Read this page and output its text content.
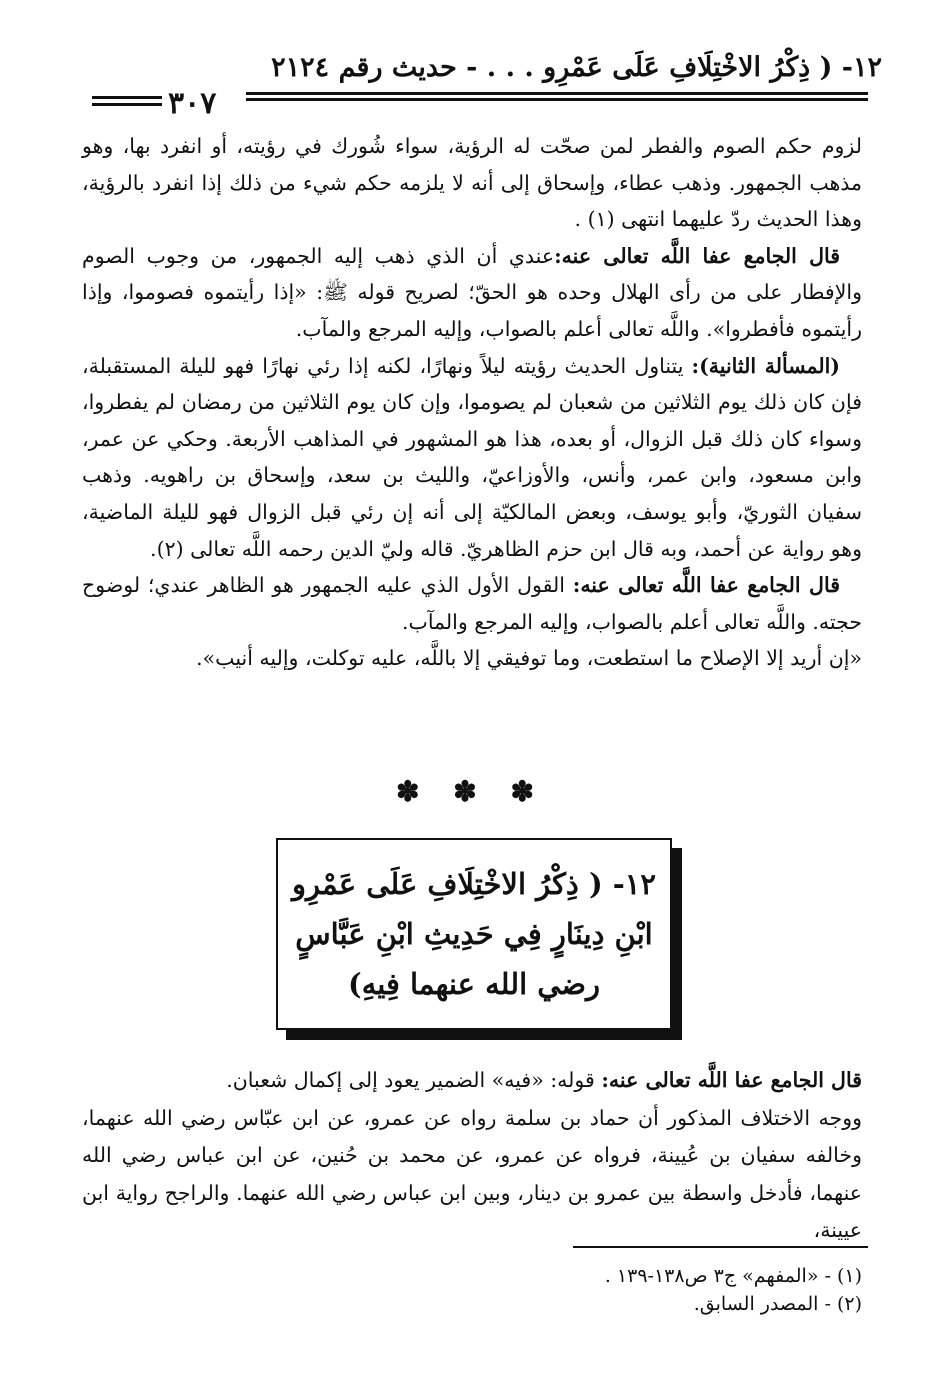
١٢- ( ذِكْرُ الاخْتِلَافِ عَلَى عَمْرِو . . . - حديث رقم ٢١٢٤
٣٠٧

لزوم حكم الصوم والفطر لمن صحّت له الرؤية، سواء شُورك في رؤيته، أو انفرد بها، وهو مذهب الجمهور. وذهب عطاء، وإسحاق إلى أنه لا يلزمه حكم شيء من ذلك إذا انفرد بالرؤية، وهذا الحديث ردّ عليهما انتهى (١) .

قال الجامع عفا اللَّه تعالى عنه:عندي أن الذي ذهب إليه الجمهور، من وجوب الصوم والإفطار على من رأى الهلال وحده هو الحقّ؛ لصريح قوله ﷺ: «إذا رأيتموه فصوموا، وإذا رأيتموه فأفطروا». واللَّه تعالى أعلم بالصواب، وإليه المرجع والمآب.

(المسألة الثانية): يتناول الحديث رؤيته ليلاً ونهارًا، لكنه إذا رئي نهارًا فهو لليلة المستقبلة، فإن كان ذلك يوم الثلاثين من شعبان لم يصوموا، وإن كان يوم الثلاثين من رمضان لم يفطروا، وسواء كان ذلك قبل الزوال، أو بعده، هذا هو المشهور في المذاهب الأربعة. وحكي عن عمر، وابن مسعود، وابن عمر، وأنس، والأوزاعيّ، والليث بن سعد، وإسحاق بن راهويه. وذهب سفيان الثوريّ، وأبو يوسف، وبعض المالكيّة إلى أنه إن رئي قبل الزوال فهو لليلة الماضية، وهو رواية عن أحمد، وبه قال ابن حزم الظاهريّ. قاله وليّ الدين رحمه اللَّه تعالى (٢).

قال الجامع عفا اللَّه تعالى عنه: القول الأول الذي عليه الجمهور هو الظاهر عندي؛ لوضوح حجته. واللَّه تعالى أعلم بالصواب، وإليه المرجع والمآب.

«إن أريد إلا الإصلاح ما استطعت، وما توفيقي إلا باللَّه، عليه توكلت، وإليه أنيب».

✽ ✽ ✽
١٢- ( ذِكْرُ الاخْتِلَافِ عَلَى عَمْرِو
ابْنِ دِينَارٍ فِي حَدِيثِ ابْنِ عَبَّاسٍ
رضي الله عنهما فِيهِ)

قال الجامع عفا اللَّه تعالى عنه: قوله: «فيه» الضمير يعود إلى إكمال شعبان.

ووجه الاختلاف المذكور أن حماد بن سلمة رواه عن عمرو، عن ابن عبّاس رضي الله عنهما، وخالفه سفيان بن عُيينة، فرواه عن عمرو، عن محمد بن حُنين، عن ابن عباس رضي الله عنهما، فأدخل واسطة بين عمرو بن دينار، وبين ابن عباس رضي الله عنهما. والراجح رواية ابن عيينة،

(١) - «المفهم» ج٣ ص١٣٨-١٣٩ .
(٢) - المصدر السابق.
